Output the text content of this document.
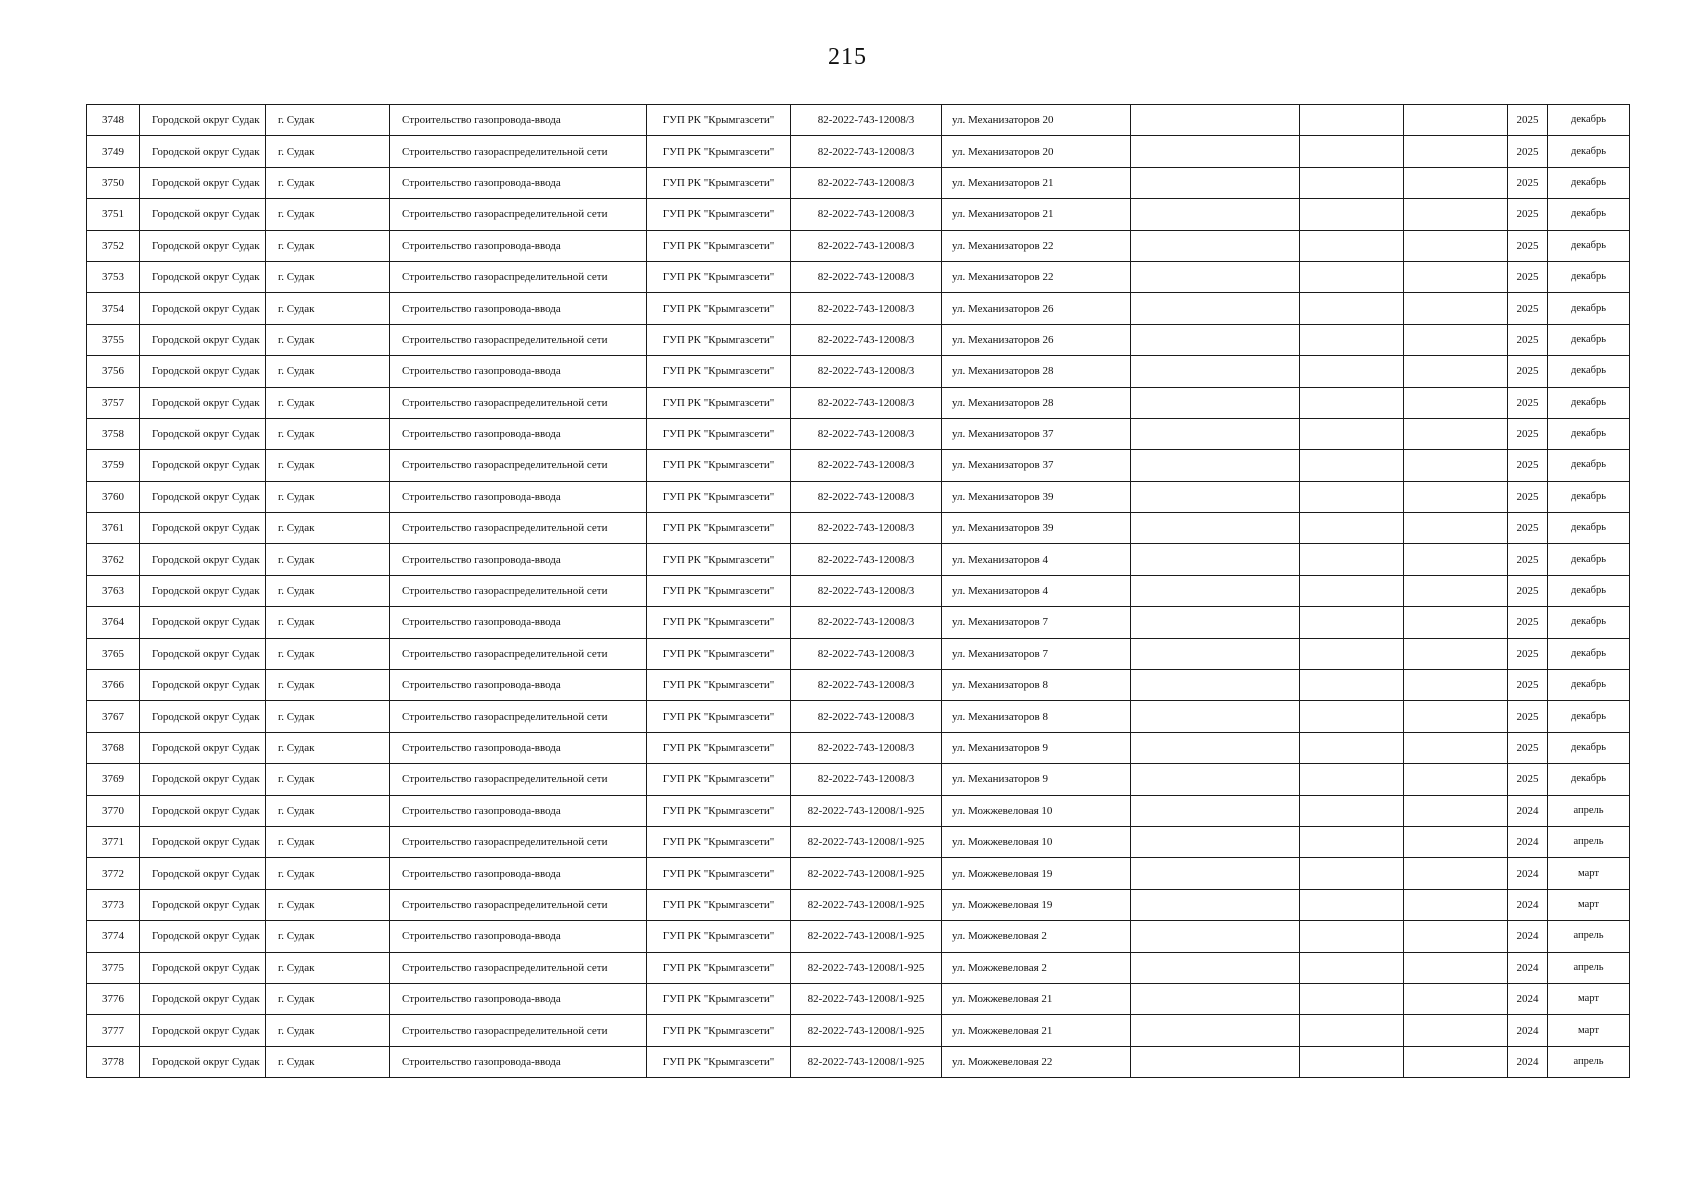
215
3748	Городской округ Судак	г. Судак	Строительство газопровода-ввода	ГУП РК "Крымгазсети"	82-2022-743-12008/3	ул. Механизаторов 20				2025	декабрь
3749	Городской округ Судак	г. Судак	Строительство газораспределительной сети	ГУП РК "Крымгазсети"	82-2022-743-12008/3	ул. Механизаторов 20				2025	декабрь
3750	Городской округ Судак	г. Судак	Строительство газопровода-ввода	ГУП РК "Крымгазсети"	82-2022-743-12008/3	ул. Механизаторов 21				2025	декабрь
3751	Городской округ Судак	г. Судак	Строительство газораспределительной сети	ГУП РК "Крымгазсети"	82-2022-743-12008/3	ул. Механизаторов 21				2025	декабрь
3752	Городской округ Судак	г. Судак	Строительство газопровода-ввода	ГУП РК "Крымгазсети"	82-2022-743-12008/3	ул. Механизаторов 22				2025	декабрь
3753	Городской округ Судак	г. Судак	Строительство газораспределительной сети	ГУП РК "Крымгазсети"	82-2022-743-12008/3	ул. Механизаторов 22				2025	декабрь
3754	Городской округ Судак	г. Судак	Строительство газопровода-ввода	ГУП РК "Крымгазсети"	82-2022-743-12008/3	ул. Механизаторов 26				2025	декабрь
3755	Городской округ Судак	г. Судак	Строительство газораспределительной сети	ГУП РК "Крымгазсети"	82-2022-743-12008/3	ул. Механизаторов 26				2025	декабрь
3756	Городской округ Судак	г. Судак	Строительство газопровода-ввода	ГУП РК "Крымгазсети"	82-2022-743-12008/3	ул. Механизаторов 28				2025	декабрь
3757	Городской округ Судак	г. Судак	Строительство газораспределительной сети	ГУП РК "Крымгазсети"	82-2022-743-12008/3	ул. Механизаторов 28				2025	декабрь
3758	Городской округ Судак	г. Судак	Строительство газопровода-ввода	ГУП РК "Крымгазсети"	82-2022-743-12008/3	ул. Механизаторов 37				2025	декабрь
3759	Городской округ Судак	г. Судак	Строительство газораспределительной сети	ГУП РК "Крымгазсети"	82-2022-743-12008/3	ул. Механизаторов 37				2025	декабрь
3760	Городской округ Судак	г. Судак	Строительство газопровода-ввода	ГУП РК "Крымгазсети"	82-2022-743-12008/3	ул. Механизаторов 39				2025	декабрь
3761	Городской округ Судак	г. Судак	Строительство газораспределительной сети	ГУП РК "Крымгазсети"	82-2022-743-12008/3	ул. Механизаторов 39				2025	декабрь
3762	Городской округ Судак	г. Судак	Строительство газопровода-ввода	ГУП РК "Крымгазсети"	82-2022-743-12008/3	ул. Механизаторов 4				2025	декабрь
3763	Городской округ Судак	г. Судак	Строительство газораспределительной сети	ГУП РК "Крымгазсети"	82-2022-743-12008/3	ул. Механизаторов 4				2025	декабрь
3764	Городской округ Судак	г. Судак	Строительство газопровода-ввода	ГУП РК "Крымгазсети"	82-2022-743-12008/3	ул. Механизаторов 7				2025	декабрь
3765	Городской округ Судак	г. Судак	Строительство газораспределительной сети	ГУП РК "Крымгазсети"	82-2022-743-12008/3	ул. Механизаторов 7				2025	декабрь
3766	Городской округ Судак	г. Судак	Строительство газопровода-ввода	ГУП РК "Крымгазсети"	82-2022-743-12008/3	ул. Механизаторов 8				2025	декабрь
3767	Городской округ Судак	г. Судак	Строительство газораспределительной сети	ГУП РК "Крымгазсети"	82-2022-743-12008/3	ул. Механизаторов 8				2025	декабрь
3768	Городской округ Судак	г. Судак	Строительство газопровода-ввода	ГУП РК "Крымгазсети"	82-2022-743-12008/3	ул. Механизаторов 9				2025	декабрь
3769	Городской округ Судак	г. Судак	Строительство газораспределительной сети	ГУП РК "Крымгазсети"	82-2022-743-12008/3	ул. Механизаторов 9				2025	декабрь
3770	Городской округ Судак	г. Судак	Строительство газопровода-ввода	ГУП РК "Крымгазсети"	82-2022-743-12008/1-925	ул. Можжевеловая 10				2024	апрель
3771	Городской округ Судак	г. Судак	Строительство газораспределительной сети	ГУП РК "Крымгазсети"	82-2022-743-12008/1-925	ул. Можжевеловая 10				2024	апрель
3772	Городской округ Судак	г. Судак	Строительство газопровода-ввода	ГУП РК "Крымгазсети"	82-2022-743-12008/1-925	ул. Можжевеловая 19				2024	март
3773	Городской округ Судак	г. Судак	Строительство газораспределительной сети	ГУП РК "Крымгазсети"	82-2022-743-12008/1-925	ул. Можжевеловая 19				2024	март
3774	Городской округ Судак	г. Судак	Строительство газопровода-ввода	ГУП РК "Крымгазсети"	82-2022-743-12008/1-925	ул. Можжевеловая 2				2024	апрель
3775	Городской округ Судак	г. Судак	Строительство газораспределительной сети	ГУП РК "Крымгазсети"	82-2022-743-12008/1-925	ул. Можжевеловая 2				2024	апрель
3776	Городской округ Судак	г. Судак	Строительство газопровода-ввода	ГУП РК "Крымгазсети"	82-2022-743-12008/1-925	ул. Можжевеловая 21				2024	март
3777	Городской округ Судак	г. Судак	Строительство газораспределительной сети	ГУП РК "Крымгазсети"	82-2022-743-12008/1-925	ул. Можжевеловая 21				2024	март
3778	Городской округ Судак	г. Судак	Строительство газопровода-ввода	ГУП РК "Крымгазсети"	82-2022-743-12008/1-925	ул. Можжевеловая 22				2024	апрель
